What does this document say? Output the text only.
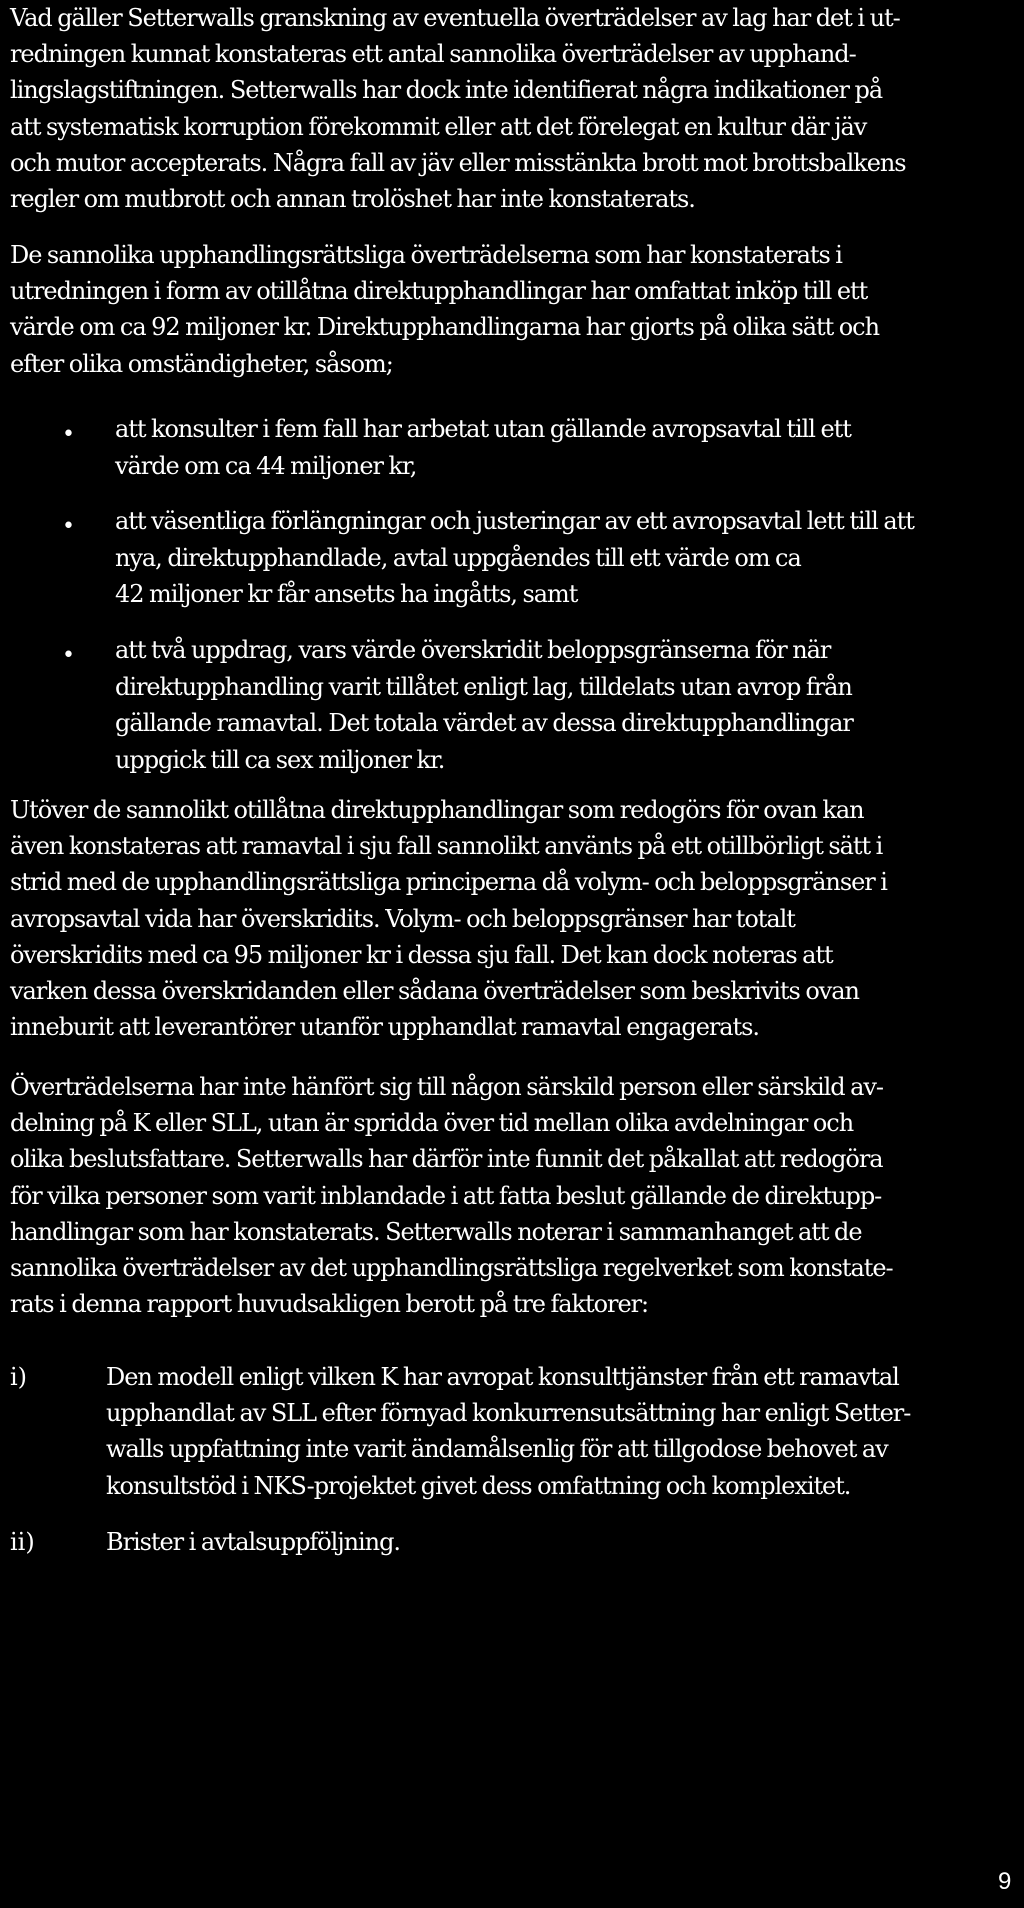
Vad gäller Setterwalls granskning av eventuella överträdelser av lag har det i ut-
redningen kunnat konstateras ett antal sannolika överträdelser av upphand-
lingslagstiftningen. Setterwalls har dock inte identifierat några indikationer på
att systematisk korruption förekommit eller att det förelegat en kultur där jäv
och mutor accepterats. Några fall av jäv eller misstänkta brott mot brottsbalkens
regler om mutbrott och annan trolöshet har inte konstaterats.

De sannolika upphandlingsrättsliga överträdelserna som har konstaterats i
utredningen i form av otillåtna direktupphandlingar har omfattat inköp till ett
värde om ca 92 miljoner kr. Direktupphandlingarna har gjorts på olika sätt och
efter olika omständigheter, såsom;

• att konsulter i fem fall har arbetat utan gällande avropsavtal till ett
värde om ca 44 miljoner kr,

• att väsentliga förlängningar och justeringar av ett avropsavtal lett till att
nya, direktupphandlade, avtal uppgåendes till ett värde om ca
42 miljoner kr får ansetts ha ingåtts, samt

• att två uppdrag, vars värde överskridit beloppsgränserna för när
direktupphandling varit tillåtet enligt lag, tilldelats utan avrop från
gällande ramavtal. Det totala värdet av dessa direktupphandlingar
uppgick till ca sex miljoner kr.

Utöver de sannolikt otillåtna direktupphandlingar som redogörs för ovan kan
även konstateras att ramavtal i sju fall sannolikt använts på ett otillbörligt sätt i
strid med de upphandlingsrättsliga principerna då volym- och beloppsgränser i
avropsavtal vida har överskridits. Volym- och beloppsgränser har totalt
överskridits med ca 95 miljoner kr i dessa sju fall. Det kan dock noteras att
varken dessa överskridanden eller sådana överträdelser som beskrivits ovan
inneburit att leverantörer utanför upphandlat ramavtal engagerats.

Överträdelserna har inte hänfört sig till någon särskild person eller särskild av-
delning på K eller SLL, utan är spridda över tid mellan olika avdelningar och
olika beslutsfattare. Setterwalls har därför inte funnit det påkallat att redogöra
för vilka personer som varit inblandade i att fatta beslut gällande de direktupp-
handlingar som har konstaterats. Setterwalls noterar i sammanhanget att de
sannolika överträdelser av det upphandlingsrättsliga regelverket som konstate-
rats i denna rapport huvudsakligen berott på tre faktorer:

i)	Den modell enligt vilken K har avropat konsulttjänster från ett ramavtal
upphandlat av SLL efter förnyad konkurrensutsättning har enligt Setter-
walls uppfattning inte varit ändamålsenlig för att tillgodose behovet av
konsultstöd i NKS-projektet givet dess omfattning och komplexitet.

ii)	Brister i avtalsuppföljning.

9
